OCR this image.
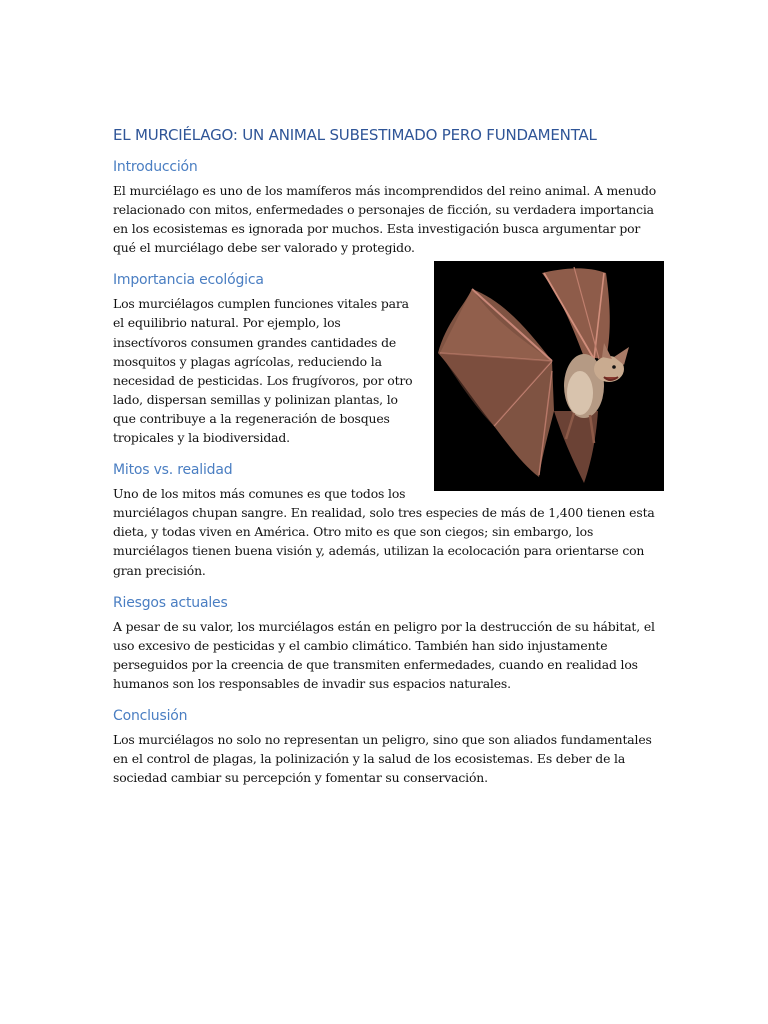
EL MURCIÉLAGO: UN ANIMAL SUBESTIMADO PERO FUNDAMENTAL
Introducción

El murciélago es uno de los mamíferos más incomprendidos del reino animal. A menudo relacionado con mitos, enfermedades o personajes de ficción, su verdadera importancia en los ecosistemas es ignorada por muchos. Esta investigación busca argumentar por qué el murciélago debe ser valorado y protegido.

Importancia ecológica

Los murciélagos cumplen funciones vitales para el equilibrio natural. Por ejemplo, los insectívoros consumen grandes cantidades de mosquitos y plagas agrícolas, reduciendo la necesidad de pesticidas. Los frugívoros, por otro lado, dispersan semillas y polinizan plantas, lo que contribuye a la regeneración de bosques tropicales y la biodiversidad.

Mitos vs. realidad

Uno de los mitos más comunes es que todos los murciélagos chupan sangre. En realidad, solo tres especies de más de 1,400 tienen esta dieta, y todas viven en América. Otro mito es que son ciegos; sin embargo, los murciélagos tienen buena visión y, además, utilizan la ecolocación para orientarse con gran precisión.

Riesgos actuales

A pesar de su valor, los murciélagos están en peligro por la destrucción de su hábitat, el uso excesivo de pesticidas y el cambio climático. También han sido injustamente perseguidos por la creencia de que transmiten enfermedades, cuando en realidad los humanos son los responsables de invadir sus espacios naturales.

Conclusión

Los murciélagos no solo no representan un peligro, sino que son aliados fundamentales en el control de plagas, la polinización y la salud de los ecosistemas. Es deber de la sociedad cambiar su percepción y fomentar su conservación.
